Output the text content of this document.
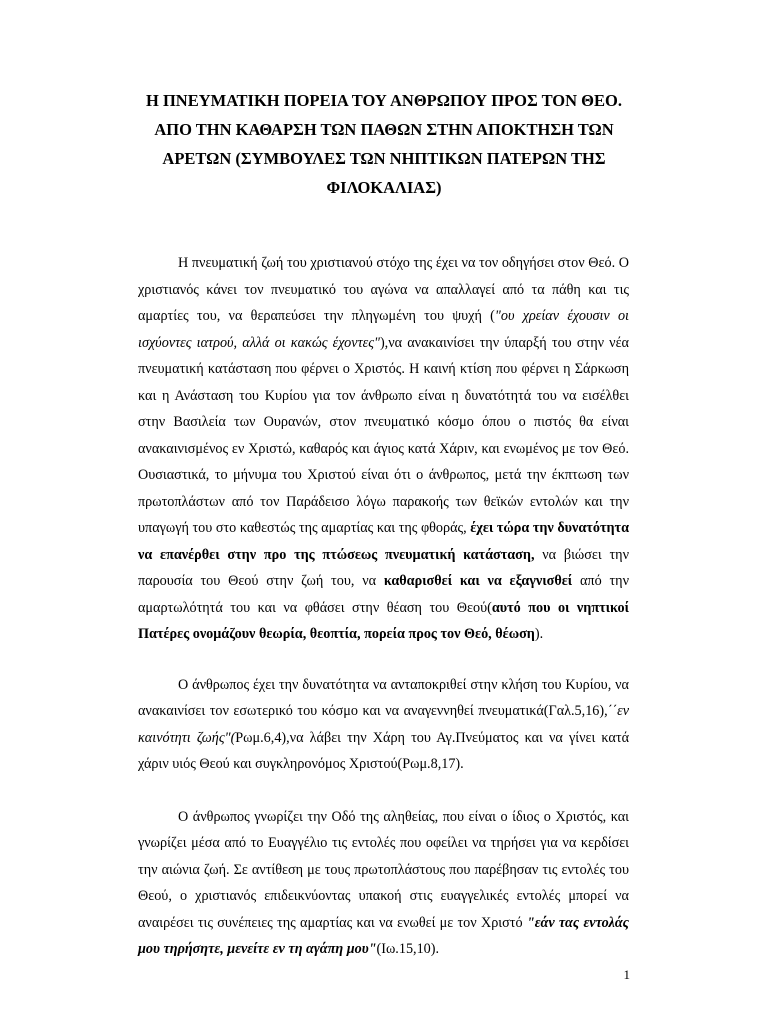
Η ΠΝΕΥΜΑΤΙΚΗ ΠΟΡΕΙΑ ΤΟΥ ΑΝΘΡΩΠΟΥ ΠΡΟΣ ΤΟΝ ΘΕΟ.
ΑΠΟ ΤΗΝ ΚΑΘΑΡΣΗ ΤΩΝ ΠΑΘΩΝ ΣΤΗΝ ΑΠΟΚΤΗΣΗ ΤΩΝ
ΑΡΕΤΩΝ (ΣΥΜΒΟΥΛΕΣ ΤΩΝ ΝΗΠΤΙΚΩΝ ΠΑΤΕΡΩΝ ΤΗΣ
ΦΙΛΟΚΑΛΙΑΣ)

Η πνευματική ζωή του χριστιανού στόχο της έχει να τον οδηγήσει στον Θεό. Ο χριστιανός κάνει τον πνευματικό του αγώνα να απαλλαγεί από τα πάθη και τις αμαρτίες του, να θεραπεύσει την πληγωμένη του ψυχή ("ου χρείαν έχουσιν οι ισχύοντες ιατρού, αλλά οι κακώς έχοντες"),να ανακαινίσει την ύπαρξή του στην νέα πνευματική κατάσταση που φέρνει ο Χριστός. Η καινή κτίση που φέρνει η Σάρκωση και η Ανάσταση του Κυρίου για τον άνθρωπο είναι η δυνατότητά του να εισέλθει στην Βασιλεία των Ουρανών, στον πνευματικό κόσμο όπου ο πιστός θα είναι ανακαινισμένος εν Χριστώ, καθαρός και άγιος κατά Χάριν, και ενωμένος με τον Θεό. Ουσιαστικά, το μήνυμα του Χριστού είναι ότι ο άνθρωπος, μετά την έκπτωση των πρωτοπλάστων από τον Παράδεισο λόγω παρακοής των θεϊκών εντολών και την υπαγωγή του στο καθεστώς της αμαρτίας και της φθοράς, έχει τώρα την δυνατότητα να επανέρθει στην προ της πτώσεως πνευματική κατάσταση, να βιώσει την παρουσία του Θεού στην ζωή του, να καθαρισθεί και να εξαγνισθεί από την αμαρτωλότητά του και να φθάσει στην θέαση του Θεού(αυτό που οι νηπτικοί Πατέρες ονομάζουν θεωρία, θεοπτία, πορεία προς τον Θεό, θέωση).

Ο άνθρωπος έχει την δυνατότητα να ανταποκριθεί στην κλήση του Κυρίου, να ανακαινίσει τον εσωτερικό του κόσμο και να αναγεννηθεί πνευματικά(Γαλ.5,16),΄΄εν καινότητι ζωής"(Ρωμ.6,4),να λάβει την Χάρη του Αγ.Πνεύματος και να γίνει κατά χάριν υιός Θεού και συγκληρονόμος Χριστού(Ρωμ.8,17).

Ο άνθρωπος γνωρίζει την Οδό της αληθείας, που είναι ο ίδιος ο Χριστός, και γνωρίζει μέσα από το Ευαγγέλιο τις εντολές που οφείλει να τηρήσει για να κερδίσει την αιώνια ζωή. Σε αντίθεση με τους πρωτοπλάστους που παρέβησαν τις εντολές του Θεού, ο χριστιανός επιδεικνύοντας υπακοή στις ευαγγελικές εντολές μπορεί να αναιρέσει τις συνέπειες της αμαρτίας και να ενωθεί με τον Χριστό "εάν τας εντολάς μου τηρήσητε, μενείτε εν τη αγάπη μου"(Ιω.15,10).

1
